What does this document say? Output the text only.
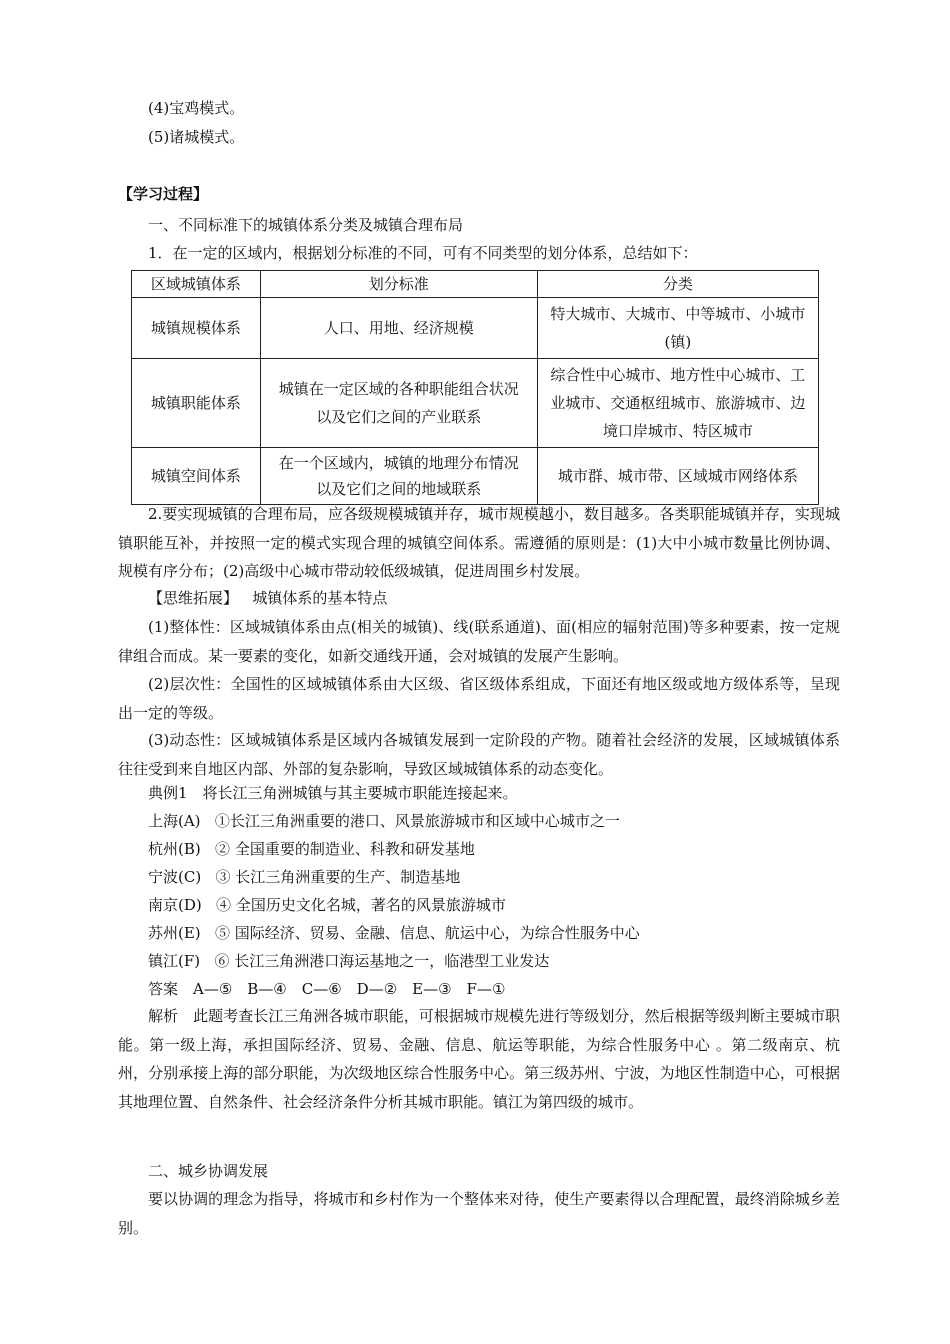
(4)宝鸡模式。
(5)诸城模式。
【学习过程】
一、不同标准下的城镇体系分类及城镇合理布局
1．在一定的区域内，根据划分标准的不同，可有不同类型的划分体系，总结如下：
区域城镇体系	划分标准	分类
城镇规模体系	人口、用地、经济规模	特大城市、大城市、中等城市、小城市(镇)
城镇职能体系	城镇在一定区域的各种职能组合状况以及它们之间的产业联系	综合性中心城市、地方性中心城市、工业城市、交通枢纽城市、旅游城市、边境口岸城市、特区城市
城镇空间体系	在一个区域内，城镇的地理分布情况以及它们之间的地域联系	城市群、城市带、区域城市网络体系
2.要实现城镇的合理布局，应各级规模城镇并存，城市规模越小，数目越多。各类职能城镇并存，实现城镇职能互补，并按照一定的模式实现合理的城镇空间体系。需遵循的原则是：(1)大中小城市数量比例协调、规模有序分布；(2)高级中心城市带动较低级城镇，促进周围乡村发展。
【思维拓展】 城镇体系的基本特点
(1)整体性：区域城镇体系由点(相关的城镇)、线(联系通道)、面(相应的辐射范围)等多种要素，按一定规律组合而成。某一要素的变化，如新交通线开通，会对城镇的发展产生影响。
(2)层次性：全国性的区域城镇体系由大区级、省区级体系组成，下面还有地区级或地方级体系等，呈现出一定的等级。
(3)动态性：区域城镇体系是区域内各城镇发展到一定阶段的产物。随着社会经济的发展，区域城镇体系往往受到来自地区内部、外部的复杂影响，导致区域城镇体系的动态变化。
典例1　将长江三角洲城镇与其主要城市职能连接起来。
上海(A) ①长江三角洲重要的港口、风景旅游城市和区域中心城市之一
杭州(B) ② 全国重要的制造业、科教和研发基地
宁波(C) ③ 长江三角洲重要的生产、制造基地
南京(D) ④ 全国历史文化名城，著名的风景旅游城市
苏州(E) ⑤ 国际经济、贸易、金融、信息、航运中心，为综合性服务中心
镇江(F) ⑥ 长江三角洲港口海运基地之一，临港型工业发达
答案　A—⑤　B—④　C—⑥　D—②　E—③　F—①
解析　此题考查长江三角洲各城市职能，可根据城市规模先进行等级划分，然后根据等级判断主要城市职能。第一级上海，承担国际经济、贸易、金融、信息、航运等职能，为综合性服务中心 。第二级南京、杭州，分别承接上海的部分职能，为次级地区综合性服务中心。第三级苏州、宁波，为地区性制造中心，可根据其地理位置、自然条件、社会经济条件分析其城市职能。镇江为第四级的城市。
二、城乡协调发展
要以协调的理念为指导，将城市和乡村作为一个整体来对待，使生产要素得以合理配置，最终消除城乡差别。
